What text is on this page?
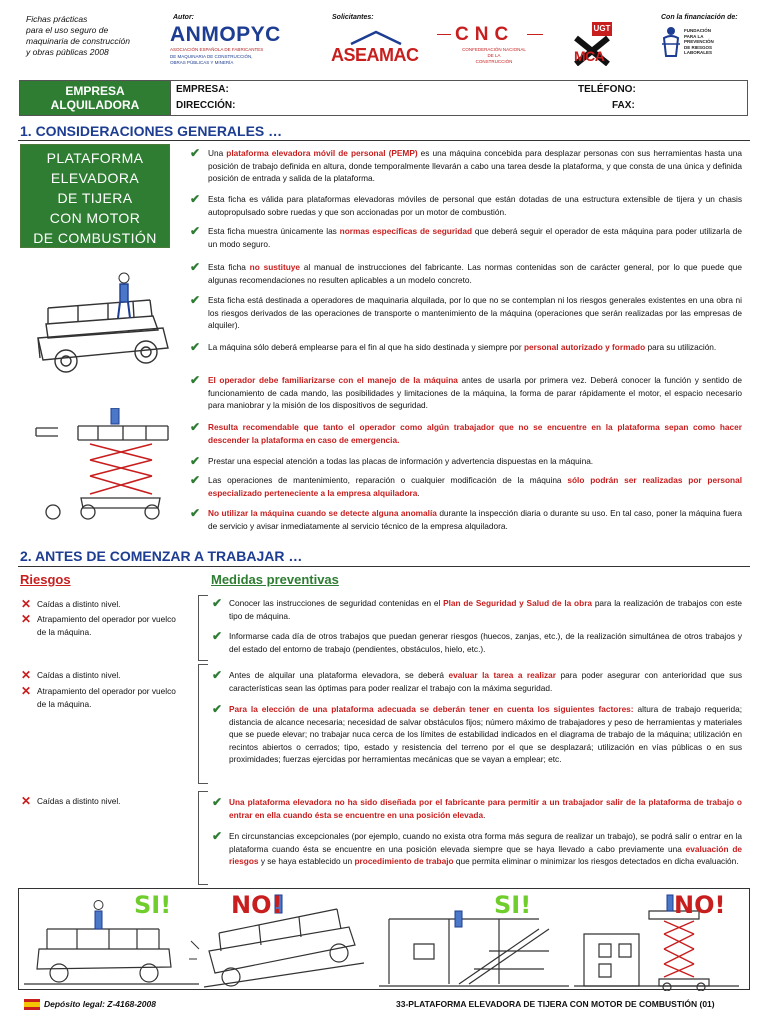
Fichas prácticas
para el uso seguro de
maquinaria de construcción
y obras públicas 2008
Autor:	Solicitantes:	Con la financiación de:
ANMOPYC
ASOCIACIÓN ESPAÑOLA DE FABRICANTES
DE MAQUINARIA DE CONSTRUCCIÓN,
OBRAS PÚBLICAS Y MINERÍA	ASEAMAC
CNC
CONFEDERACIÓN NACIONAL
DE LA
CONSTRUCCIÓN
UGT
MCA
FUNDACIÓN
PARA LA
PREVENCIÓN
DE RIESGOS
LABORALES
EMPRESA
ALQUILADORA
EMPRESA:	TELÉFONO:
DIRECCIÓN:	FAX:
1. CONSIDERACIONES GENERALES …
PLATAFORMA
ELEVADORA
DE TIJERA
CON MOTOR
DE COMBUSTIÓN
✔ Una plataforma elevadora móvil de personal (PEMP) es una máquina concebida para desplazar personas con sus herramientas hasta una posición de trabajo definida en altura, donde temporalmente llevarán a cabo una tarea desde la plataforma, y que consta de una única y definida posición de entrada y salida de la plataforma.
✔ Esta ficha es válida para plataformas elevadoras móviles de personal que están dotadas de una estructura extensible de tijera y un chasis autopropulsado sobre ruedas y que son accionadas por un motor de combustión.
✔ Esta ficha muestra únicamente las normas específicas de seguridad que deberá seguir el operador de esta máquina para poder utilizarla de un modo seguro.
✔ Esta ficha no sustituye al manual de instrucciones del fabricante. Las normas contenidas son de carácter general, por lo que puede que algunas recomendaciones no resulten aplicables a un modelo concreto.
✔ Esta ficha está destinada a operadores de maquinaria alquilada, por lo que no se contemplan ni los riesgos generales existentes en una obra ni los riesgos derivados de las operaciones de transporte o mantenimiento de la máquina (operaciones que serán realizadas por las empresas de alquiler).
✔ La máquina sólo deberá emplearse para el fin al que ha sido destinada y siempre por personal autorizado y formado para su utilización.
✔ El operador debe familiarizarse con el manejo de la máquina antes de usarla por primera vez. Deberá conocer la función y sentido de funcionamiento de cada mando, las posibilidades y limitaciones de la máquina, la forma de parar rápidamente el motor, el espacio necesario para maniobrar y la misión de los dispositivos de seguridad.
✔ Resulta recomendable que tanto el operador como algún trabajador que no se encuentre en la plataforma sepan como hacer descender la plataforma en caso de emergencia.
✔ Prestar una especial atención a todas las placas de información y advertencia dispuestas en la máquina.
✔ Las operaciones de mantenimiento, reparación o cualquier modificación de la máquina sólo podrán ser realizadas por personal especializado perteneciente a la empresa alquiladora.
✔ No utilizar la máquina cuando se detecte alguna anomalía durante la inspección diaria o durante su uso. En tal caso, poner la máquina fuera de servicio y avisar inmediatamente al servicio técnico de la empresa alquiladora.
2. ANTES DE COMENZAR A TRABAJAR …
Riesgos	Medidas preventivas
✕ Caídas a distinto nivel.
✕ Atrapamiento del operador por vuelco de la máquina.
✔ Conocer las instrucciones de seguridad contenidas en el Plan de Seguridad y Salud de la obra para la realización de trabajos con este tipo de máquina.
✔ Informarse cada día de otros trabajos que puedan generar riesgos (huecos, zanjas, etc.), de la realización simultánea de otros trabajos y del estado del entorno de trabajo (pendientes, obstáculos, hielo, etc.).
✕ Caídas a distinto nivel.
✕ Atrapamiento del operador por vuelco de la máquina.
✔ Antes de alquilar una plataforma elevadora, se deberá evaluar la tarea a realizar para poder asegurar con anterioridad que sus características sean las óptimas para poder realizar el trabajo con la máxima seguridad.
✔ Para la elección de una plataforma adecuada se deberán tener en cuenta los siguientes factores: altura de trabajo requerida; distancia de alcance necesaria; necesidad de salvar obstáculos fijos; número máximo de trabajadores y peso de herramientas y materiales que se puede elevar; no trabajar nuca cerca de los límites de estabilidad indicados en el diagrama de trabajo de la máquina; utilización en recintos abiertos o cerrados; tipo, estado y resistencia del terreno por el que se desplazará; utilización en vías públicas o en sus proximidades; fuerzas ejercidas por herramientas mecánicas que se vayan a emplear; etc.
✕ Caídas a distinto nivel.	✔ Una plataforma elevadora no ha sido diseñada por el fabricante para permitir a un trabajador salir de la plataforma de trabajo o entrar en ella cuando ésta se encuentre en una posición elevada.
✔ En circunstancias excepcionales (por ejemplo, cuando no exista otra forma más segura de realizar un trabajo), se podrá salir o entrar en la plataforma cuando ésta se encuentre en una posición elevada siempre que se haya llevado a cabo previamente una evaluación de riesgos y se haya establecido un procedimiento de trabajo que permita eliminar o minimizar los riesgos detectados en dicha evaluación.
SI! NO!	SI!	NO!
Depósito legal: Z-4168-2008	33-PLATAFORMA ELEVADORA DE TIJERA CON MOTOR DE COMBUSTIÓN (01)
